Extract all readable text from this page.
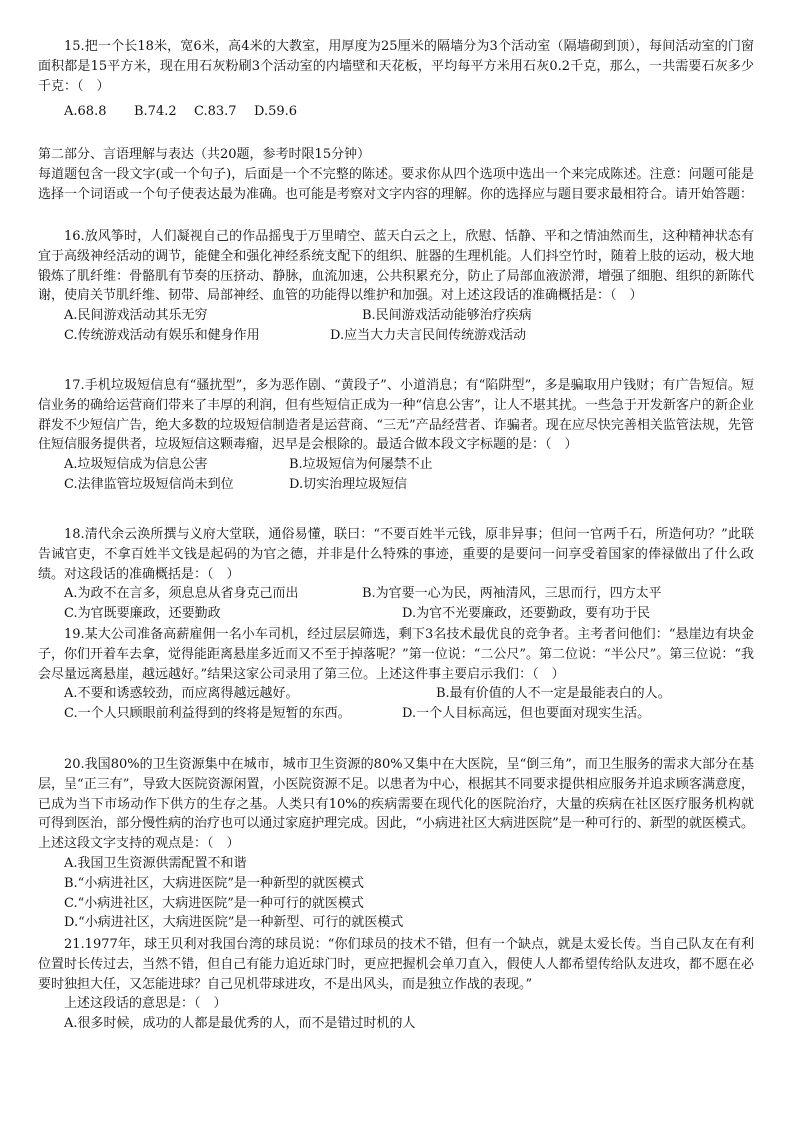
15.把一个长18米，宽6米，高4米的大教室，用厚度为25厘米的隔墙分为3个活动室（隔墙砌到顶），每间活动室的门窗面积都是15平方米，现在用石灰粉刷3个活动室的内墙壁和天花板，平均每平方米用石灰0.2千克，那么，一共需要石灰多少千克：（　）

A.68.8	B.74.2	C.83.7	D.59.6

第二部分、言语理解与表达（共20题，参考时限15分钟）

每道题包含一段文字(或一个句子)，后面是一个不完整的陈述。要求你从四个选项中选出一个来完成陈述。注意：问题可能是选择一个词语或一个句子使表达最为准确。也可能是考察对文字内容的理解。你的选择应与题目要求最相符合。请开始答题：

16.放风筝时，人们凝视自己的作品摇曳于万里晴空、蓝天白云之上，欣慰、恬静、平和之情油然而生，这种精神状态有宜于高级神经活动的调节，能健全和强化神经系统支配下的组织、脏器的生理机能。人们抖空竹时，随着上肢的运动，极大地锻炼了肌纤维：骨骼肌有节奏的压挤动、静脉，血流加速，公共积累充分，防止了局部血液淤滞，增强了细胞、组织的新陈代谢，使肩关节肌纤维、韧带、局部神经、血管的功能得以维护和加强。对上述这段话的准确概括是：（　）

A.民间游戏活动其乐无穷	B.民间游戏活动能够治疗疾病
C.传统游戏活动有娱乐和健身作用	D.应当大力夫言民间传统游戏活动

17.手机垃圾短信息有“骚扰型”，多为恶作剧、“黄段子”、小道消息；有“陷阱型”，多是骗取用户钱财；有广告短信。短信业务的确给运营商们带来了丰厚的利润，但有些短信正成为一种“信息公害”，让人不堪其扰。一些急于开发新客户的新企业群发不少短信广告，绝大多数的垃圾短信制造者是运营商、“三无”产品经营者、诈骗者。现在应尽快完善相关监管法规，先管住短信服务提供者，垃圾短信这颗毒瘤，迟早是会根除的。最适合做本段文字标题的是：（　）

A.垃圾短信成为信息公害	B.垃圾短信为何屡禁不止
C.法律监管垃圾短信尚未到位	D.切实治理垃圾短信

18.清代余云涣所撰与义府大堂联，通俗易懂，联曰：“不要百姓半元钱，原非异事；但问一官两千石，所造何功？”此联告诫官吏，不拿百姓半文钱是起码的为官之德，并非是什么特殊的事迹，重要的是要问一问享受着国家的俸禄做出了什么政绩。对这段话的准确概括是：（　）

A.为政不在言多，须息息从省身克己而出	B.为官要一心为民，两袖清风，三思而行，四方太平
C.为官既要廉政，还要勤政	D.为官不光要廉政，还要勤政，要有功于民

19.某大公司准备高薪雇佣一名小车司机，经过层层筛选，剩下3名技术最优良的竞争者。主考者问他们：“悬崖边有块金子，你们开着车去拿，觉得能距离悬崖多近而又不至于掉落呢？”第一位说：“二公尺”。第二位说：“半公尺”。第三位说：“我会尽量远离悬崖，越远越好。”结果这家公司录用了第三位。上述这件事主要启示我们：（　）

A.不要和诱惑较劲，而应离得越远越好。	B.最有价值的人不一定是最能表白的人。
C.一个人只顾眼前利益得到的终将是短暂的东西。	D.一个人目标高远，但也要面对现实生活。

20.我国80%的卫生资源集中在城市，城市卫生资源的80%又集中在大医院，呈“倒三角”，而卫生服务的需求大部分在基层，呈“正三有”，导致大医院资源闲置，小医院资源不足。以患者为中心，根据其不同要求提供相应服务并追求顾客满意度，已成为当下市场动作下供方的生存之基。人类只有10%的疾病需要在现代化的医院治疗，大量的疾病在社区医疗服务机构就可得到医治，部分慢性病的治疗也可以通过家庭护理完成。因此，“小病进社区大病进医院”是一种可行的、新型的就医模式。上述这段文字支持的观点是：（　）

A.我国卫生资源供需配置不和谐

B.“小病进社区，大病进医院”是一种新型的就医模式

C.“小病进社区，大病进医院”是一种可行的就医模式

D.“小病进社区，大病进医院”是一种新型、可行的就医模式

21.1977年，球王贝利对我国台湾的球员说：“你们球员的技术不错，但有一个缺点，就是太爱长传。当自己队友在有利位置时长传过去，当然不错，但自己有能力追近球门时，更应把握机会单刀直入，假使人人都希望传给队友进攻，都不愿在必要时独担大任，又怎能进球？自己见机带球进攻，不是出风头，而是独立作战的表现。”

上述这段话的意思是：（　）

A.很多时候，成功的人都是最优秀的人，而不是错过时机的人
